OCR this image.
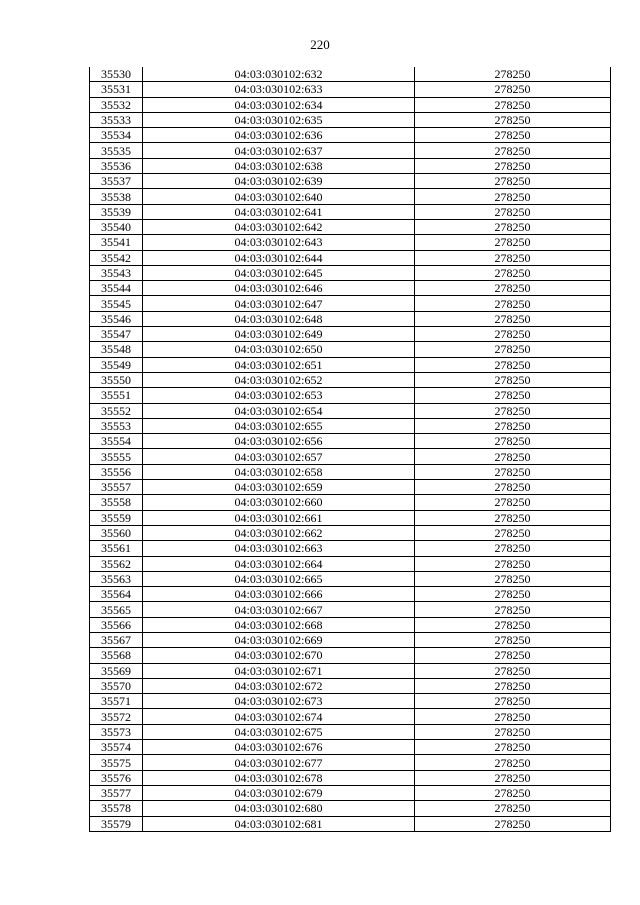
220
35530	04:03:030102:632	278250
35531	04:03:030102:633	278250
35532	04:03:030102:634	278250
35533	04:03:030102:635	278250
35534	04:03:030102:636	278250
35535	04:03:030102:637	278250
35536	04:03:030102:638	278250
35537	04:03:030102:639	278250
35538	04:03:030102:640	278250
35539	04:03:030102:641	278250
35540	04:03:030102:642	278250
35541	04:03:030102:643	278250
35542	04:03:030102:644	278250
35543	04:03:030102:645	278250
35544	04:03:030102:646	278250
35545	04:03:030102:647	278250
35546	04:03:030102:648	278250
35547	04:03:030102:649	278250
35548	04:03:030102:650	278250
35549	04:03:030102:651	278250
35550	04:03:030102:652	278250
35551	04:03:030102:653	278250
35552	04:03:030102:654	278250
35553	04:03:030102:655	278250
35554	04:03:030102:656	278250
35555	04:03:030102:657	278250
35556	04:03:030102:658	278250
35557	04:03:030102:659	278250
35558	04:03:030102:660	278250
35559	04:03:030102:661	278250
35560	04:03:030102:662	278250
35561	04:03:030102:663	278250
35562	04:03:030102:664	278250
35563	04:03:030102:665	278250
35564	04:03:030102:666	278250
35565	04:03:030102:667	278250
35566	04:03:030102:668	278250
35567	04:03:030102:669	278250
35568	04:03:030102:670	278250
35569	04:03:030102:671	278250
35570	04:03:030102:672	278250
35571	04:03:030102:673	278250
35572	04:03:030102:674	278250
35573	04:03:030102:675	278250
35574	04:03:030102:676	278250
35575	04:03:030102:677	278250
35576	04:03:030102:678	278250
35577	04:03:030102:679	278250
35578	04:03:030102:680	278250
35579	04:03:030102:681	278250
